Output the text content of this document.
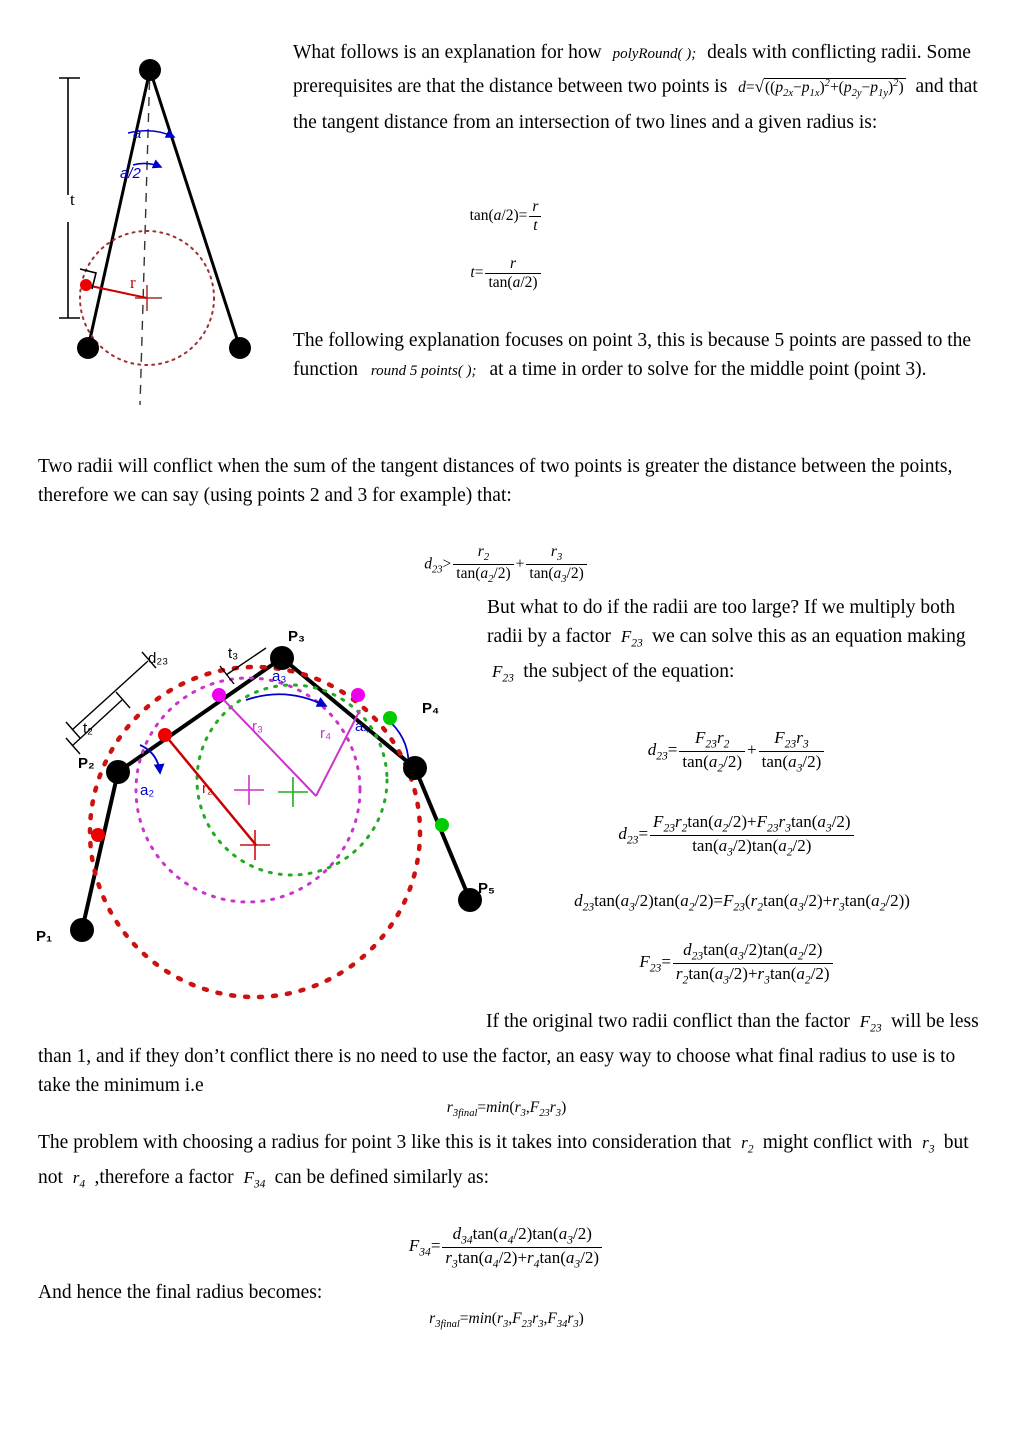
t
a
a/2
r
What follows is an explanation for how polyRound( ); deals with conflicting radii. Some prerequisites are that the distance between two points is $d=√((p_{2x}-p_{1x})^2+(p_{2y}-p_{1y})^2)$ and that the tangent distance from an intersection of two lines and a given radius is:
$\tan(a/2)= \frac{r}{t}$
$t= \frac{r}{\tan(a/2)}$
The following explanation focuses on point 3, this is because 5 points are passed to the function round 5 points( ); at a time in order to solve for the middle point (point 3).
Two radii will conflict when the sum of the tangent distances of two points is greater the distance between the points, therefore we can say (using points 2 and 3 for example) that:
$d_{23}> \frac{r_2}{\tan(a_2/2)} + \frac{r_3}{\tan(a_3/2)}$
P₁
P₂
P₃
P₄
P₅
d₂₃
t₂
t₃
a₂
a₃
a₄
r₂
r₃	r₄
But what to do if the radii are too large? If we multiply both radii by a factor $F_{23}$ we can solve this as an equation making $F_{23}$ the subject of the equation:
$d_{23}= \frac{F_{23}r_2}{\tan(a_2/2)} + \frac{F_{23}r_3}{\tan(a_3/2)}$
$d_{23}= \frac{F_{23}r_2\tan(a_2/2)+F_{23}r_3\tan(a_3/2)}{\tan(a_3/2)\tan(a_2/2)}$
$d_{23}\tan(a_3/2)\tan(a_2/2)=F_{23}(r_2\tan(a_3/2)+r_3\tan(a_2/2))$
$F_{23}= \frac{d_{23}\tan(a_3/2)\tan(a_2/2)}{r_2\tan(a_3/2)+r_3\tan(a_2/2)}$
If the original two radii conflict than the factor $F_{23}$ will be less than 1, and if they don’t conflict there is no need to use the factor, an easy way to choose what final radius to use is to take the minimum i.e
$r_{3final}=\min(r_3,F_{23}r_3)$
The problem with choosing a radius for point 3 like this is it takes into consideration that $r_2$ might conflict with $r_3$ but not $r_4$ ,therefore a factor $F_{34}$ can be defined similarly as:
$F_{34}= \frac{d_{34}\tan(a_4/2)\tan(a_3/2)}{r_3\tan(a_4/2)+r_4\tan(a_3/2)}$
And hence the final radius becomes:
$r_{3final}=\min(r_3,F_{23}r_3,F_{34}r_3)$
